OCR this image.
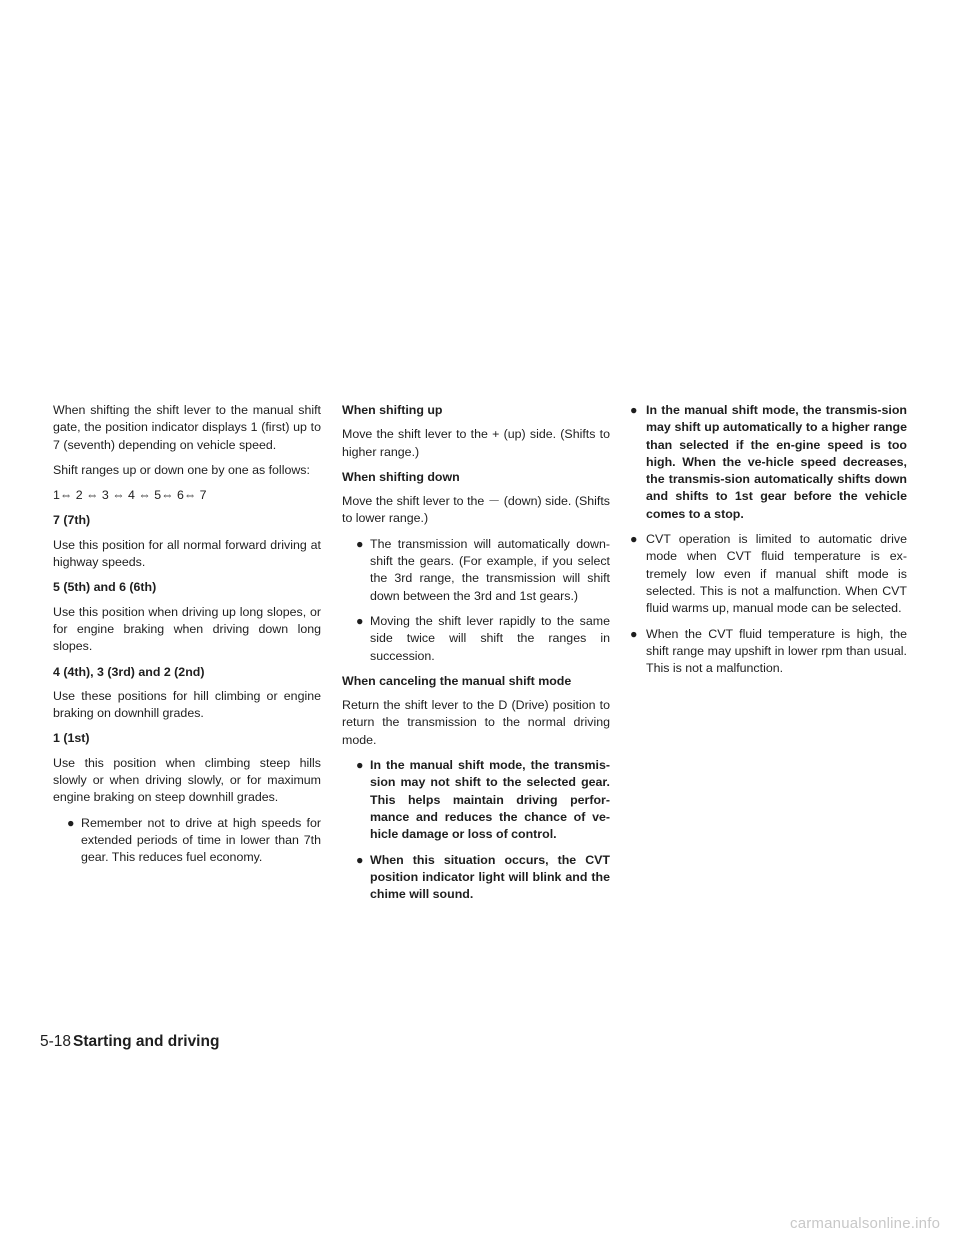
When shifting the shift lever to the manual shift gate, the position indicator displays 1 (first) up to 7 (seventh) depending on vehicle speed.

Shift ranges up or down one by one as follows:

1⇔ 2 ⇔ 3 ⇔ 4 ⇔ 5⇔ 6⇔ 7

7 (7th)

Use this position for all normal forward driving at highway speeds.

5 (5th) and 6 (6th)

Use this position when driving up long slopes, or for engine braking when driving down long slopes.

4 (4th), 3 (3rd) and 2 (2nd)

Use these positions for hill climbing or engine braking on downhill grades.

1 (1st)

Use this position when climbing steep hills slowly or when driving slowly, or for maximum engine braking on steep downhill grades.

● Remember not to drive at high speeds for extended periods of time in lower than 7th gear. This reduces fuel economy.
When shifting up

Move the shift lever to the + (up) side. (Shifts to higher range.)

When shifting down

Move the shift lever to the － (down) side. (Shifts to lower range.)

● The transmission will automatically down-shift the gears. (For example, if you select the 3rd range, the transmission will shift down between the 3rd and 1st gears.)
● Moving the shift lever rapidly to the same side twice will shift the ranges in succession.
When canceling the manual shift mode

Return the shift lever to the D (Drive) position to return the transmission to the normal driving mode.

● In the manual shift mode, the transmis-sion may not shift to the selected gear. This helps maintain driving perfor-mance and reduces the chance of ve-hicle damage or loss of control.
● When this situation occurs, the CVT position indicator light will blink and the chime will sound.
● In the manual shift mode, the transmis-sion may shift up automatically to a higher range than selected if the en-gine speed is too high. When the ve-hicle speed decreases, the transmis-sion automatically shifts down and shifts to 1st gear before the vehicle comes to a stop.
● CVT operation is limited to automatic drive mode when CVT fluid temperature is ex-tremely low even if manual shift mode is selected. This is not a malfunction. When CVT fluid warms up, manual mode can be selected.
● When the CVT fluid temperature is high, the shift range may upshift in lower rpm than usual. This is not a malfunction.
5-18 Starting and driving
carmanualsonline.info
